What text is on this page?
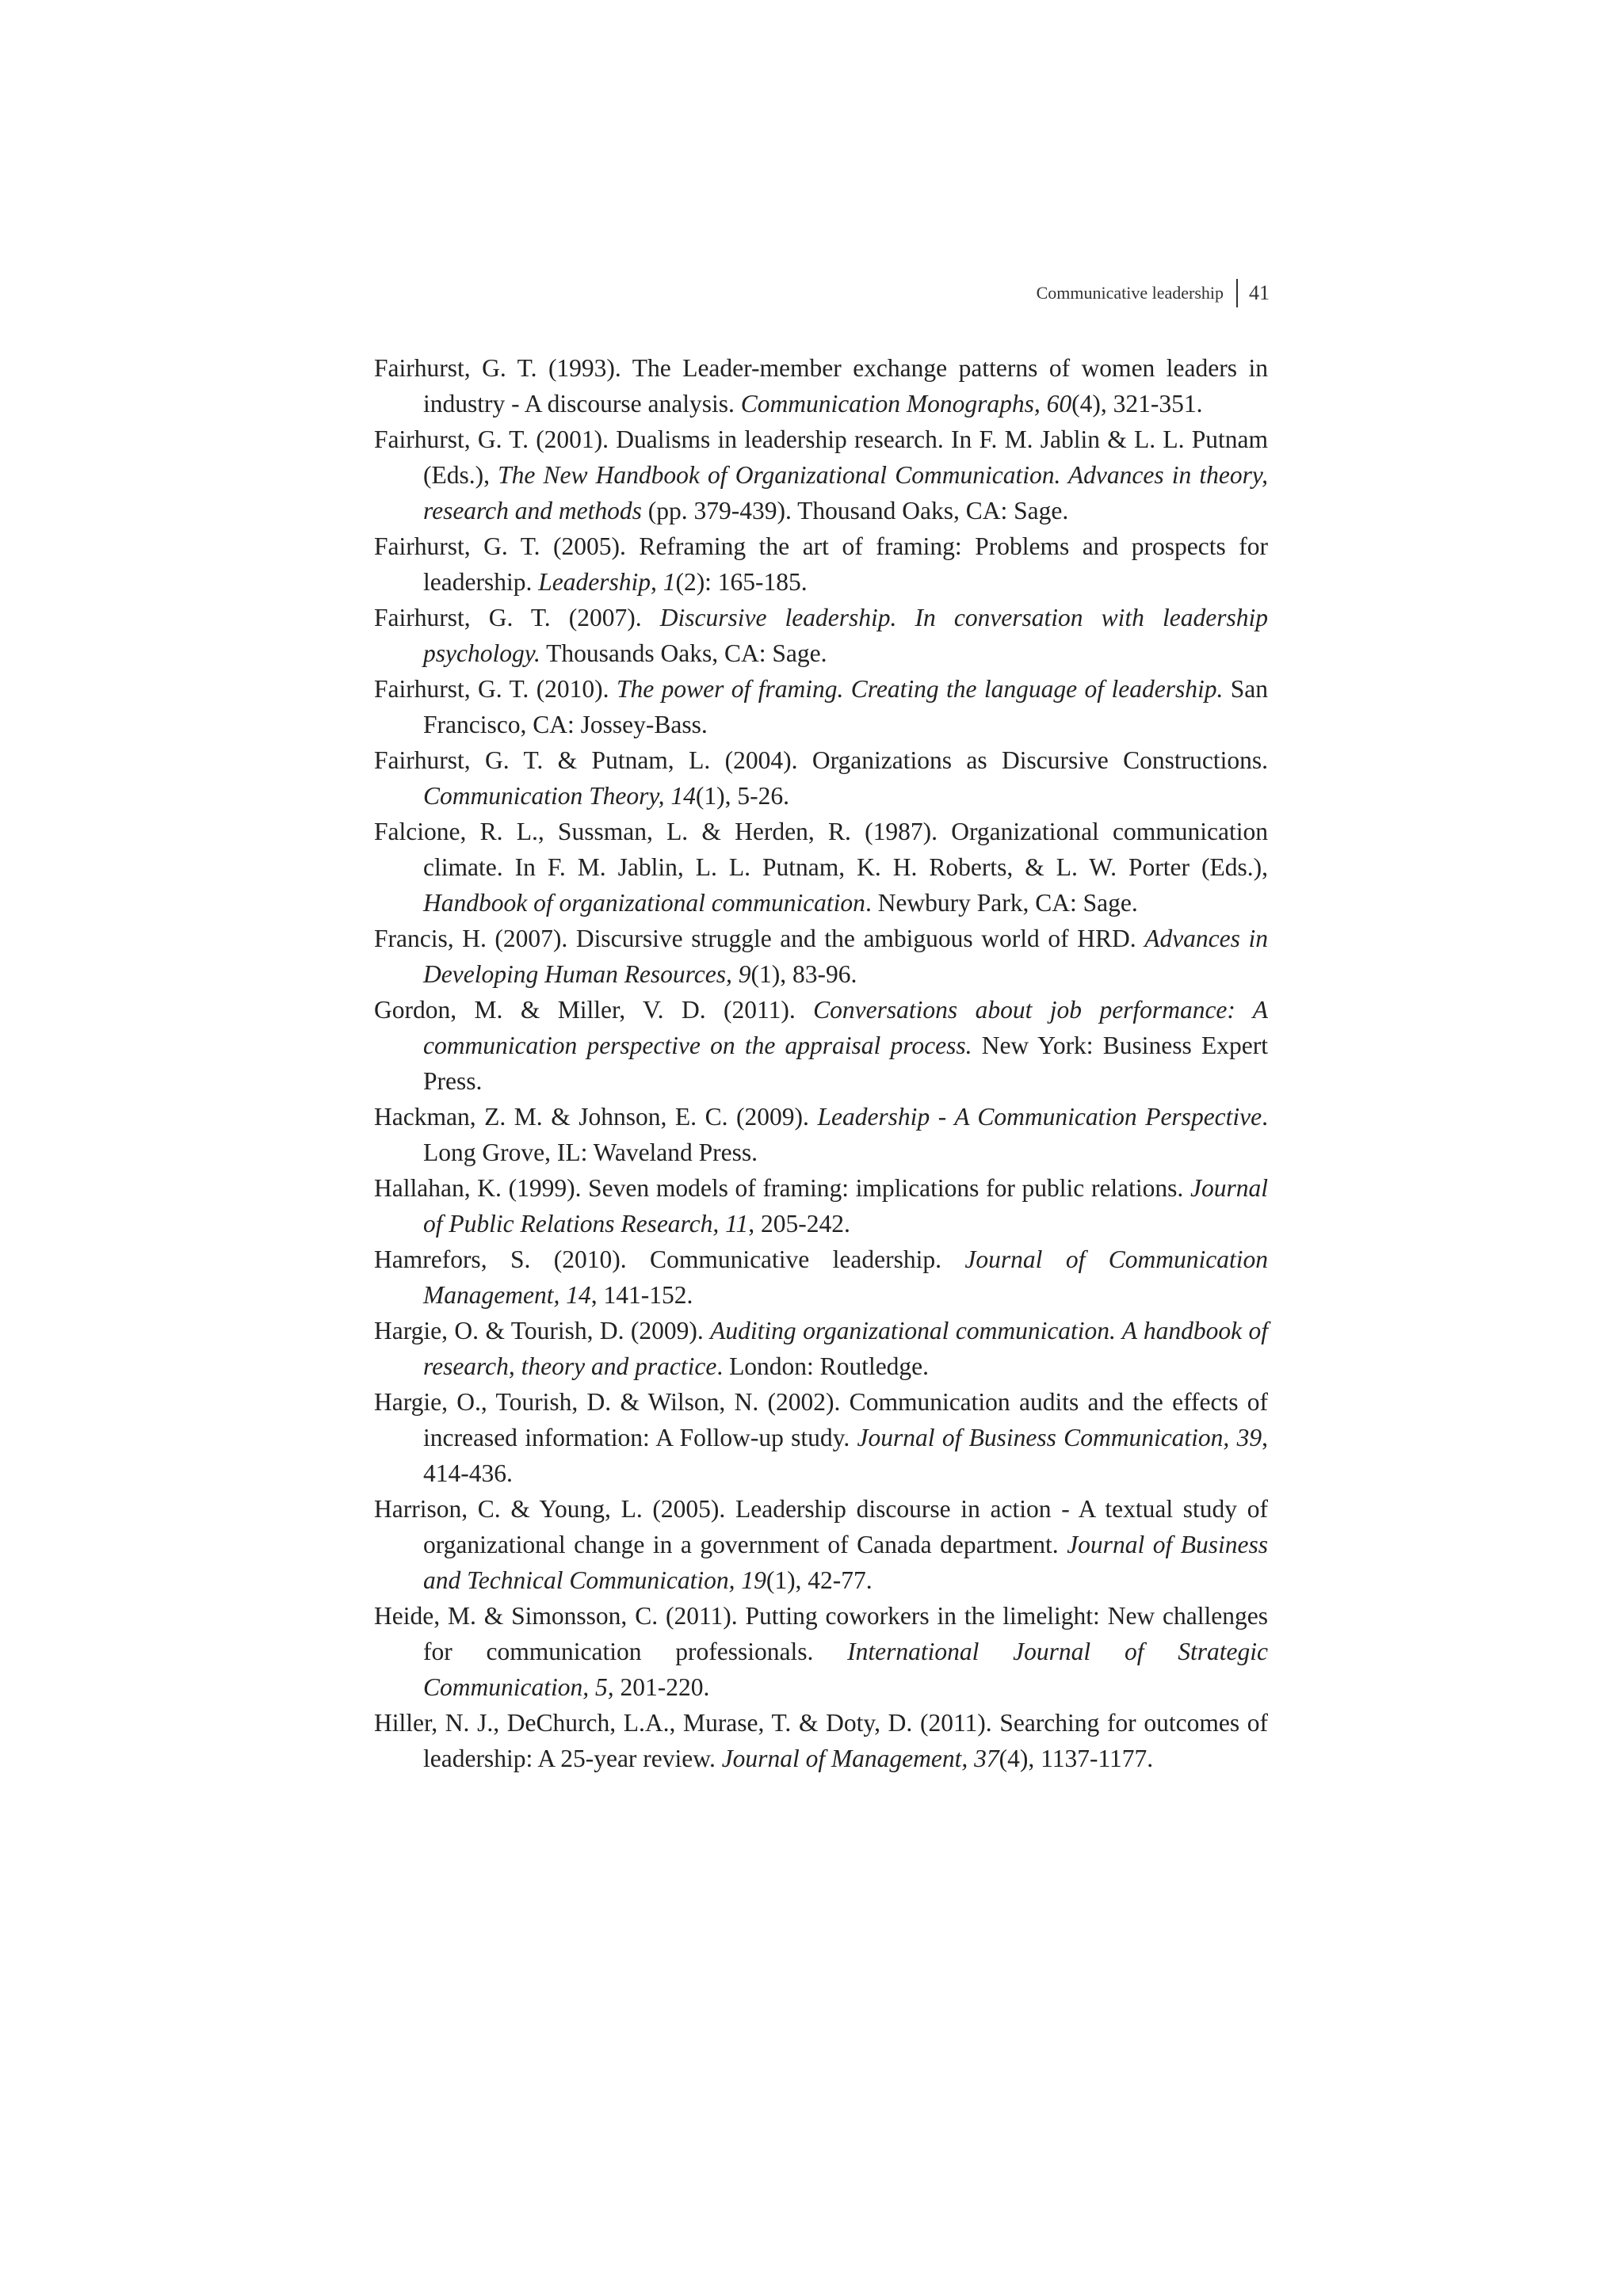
Communicative leadership 41
Fairhurst, G. T. (1993). The Leader-member exchange patterns of women leaders in industry - A discourse analysis. Communication Monographs, 60(4), 321-351.
Fairhurst, G. T. (2001). Dualisms in leadership research. In F. M. Jablin & L. L. Putnam (Eds.), The New Handbook of Organizational Communication. Advances in theory, research and methods (pp. 379-439). Thousand Oaks, CA: Sage.
Fairhurst, G. T. (2005). Reframing the art of framing: Problems and prospects for leadership. Leadership, 1(2): 165-185.
Fairhurst, G. T. (2007). Discursive leadership. In conversation with leadership psychology. Thousands Oaks, CA: Sage.
Fairhurst, G. T. (2010). The power of framing. Creating the language of leadership. San Francisco, CA: Jossey-Bass.
Fairhurst, G. T. & Putnam, L. (2004). Organizations as Discursive Constructions. Communication Theory, 14(1), 5-26.
Falcione, R. L., Sussman, L. & Herden, R. (1987). Organizational communication climate. In F. M. Jablin, L. L. Putnam, K. H. Roberts, & L. W. Porter (Eds.), Handbook of organizational communication. Newbury Park, CA: Sage.
Francis, H. (2007). Discursive struggle and the ambiguous world of HRD. Advances in Developing Human Resources, 9(1), 83-96.
Gordon, M. & Miller, V. D. (2011). Conversations about job performance: A communication perspective on the appraisal process. New York: Business Expert Press.
Hackman, Z. M. & Johnson, E. C. (2009). Leadership - A Communication Perspective. Long Grove, IL: Waveland Press.
Hallahan, K. (1999). Seven models of framing: implications for public relations. Journal of Public Relations Research, 11, 205-242.
Hamrefors, S. (2010). Communicative leadership. Journal of Communication Management, 14, 141-152.
Hargie, O. & Tourish, D. (2009). Auditing organizational communication. A handbook of research, theory and practice. London: Routledge.
Hargie, O., Tourish, D. & Wilson, N. (2002). Communication audits and the effects of increased information: A Follow-up study. Journal of Business Communication, 39, 414-436.
Harrison, C. & Young, L. (2005). Leadership discourse in action - A textual study of organizational change in a government of Canada department. Journal of Business and Technical Communication, 19(1), 42-77.
Heide, M. & Simonsson, C. (2011). Putting coworkers in the limelight: New challenges for communication professionals. International Journal of Strategic Communication, 5, 201-220.
Hiller, N. J., DeChurch, L.A., Murase, T. & Doty, D. (2011). Searching for outcomes of leadership: A 25-year review. Journal of Management, 37(4), 1137-1177.
